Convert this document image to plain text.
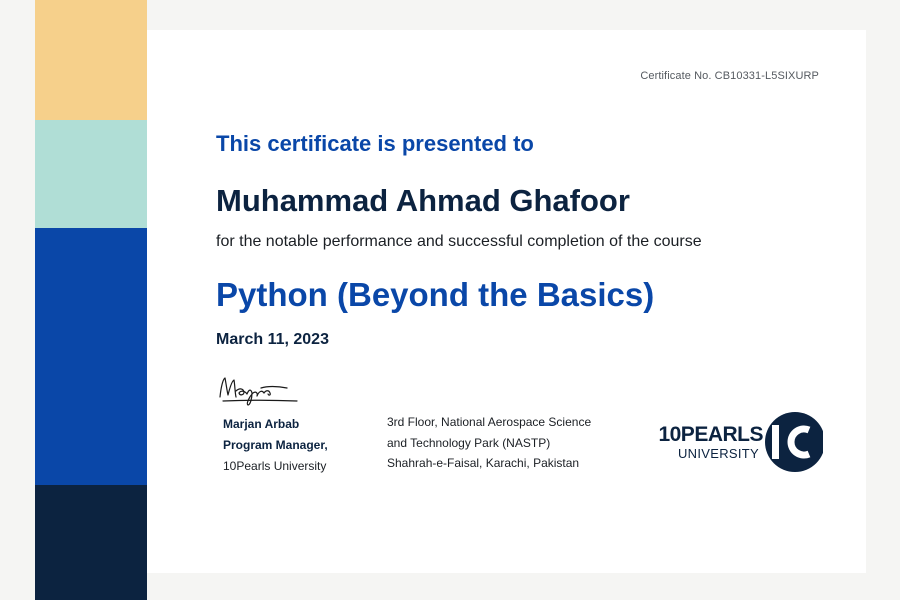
Certificate No. CB10331-L5SIXURP
This certificate is presented to
Muhammad Ahmad Ghafoor
for the notable performance and successful completion of the course
Python (Beyond the Basics)
March 11, 2023
Marjan Arbab
Program Manager,
10Pearls University
3rd Floor, National Aerospace Science
and Technology Park (NASTP)
Shahrah-e-Faisal, Karachi, Pakistan
10PEARLS
UNIVERSITY
